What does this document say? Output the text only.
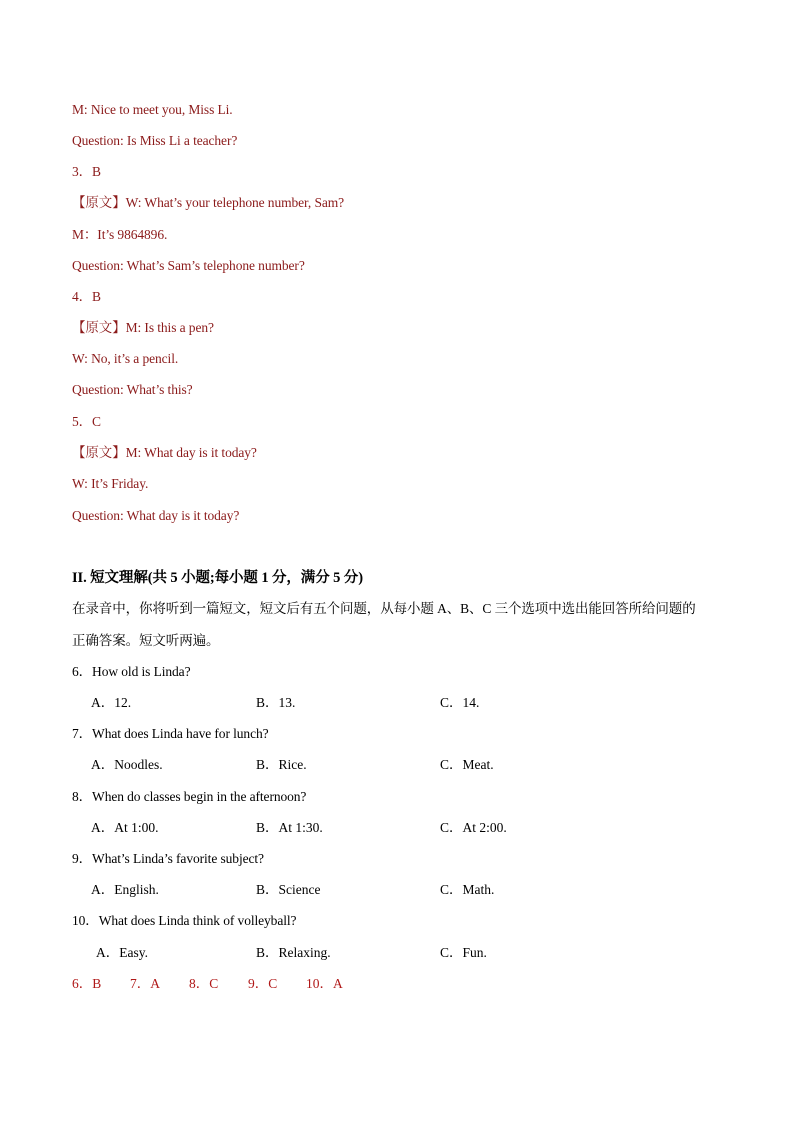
M: Nice to meet you, Miss Li.
Question: Is Miss Li a teacher?
3．B
【原文】W: What’s your telephone number, Sam?
M：It’s 9864896.
Question: What’s Sam’s telephone number?
4．B
【原文】M: Is this a pen?
W: No, it’s a pencil.
Question: What’s this?
5．C
【原文】M: What day is it today?
W: It’s Friday.
Question: What day is it today?
II. 短文理解(共 5 小题;每小题 1 分，满分 5 分)
在录音中，你将听到一篇短文，短文后有五个问题，从每小题 A、B、C 三个选项中选出能回答所给问题的
正确答案。短文听两遍。
6．How old is Linda?
A．12.	B．13.	C．14.
7．What does Linda have for lunch?
A．Noodles.	B．Rice.	C．Meat.
8．When do classes begin in the afternoon?
A．At 1:00.	B．At 1:30.	C．At 2:00.
9．What’s Linda’s favorite subject?
A．English.	B．Science	C．Math.
10．What does Linda think of volleyball?
A．Easy.	B．Relaxing.	C．Fun.
6．B 7．A 8．C 9．C 10．A
